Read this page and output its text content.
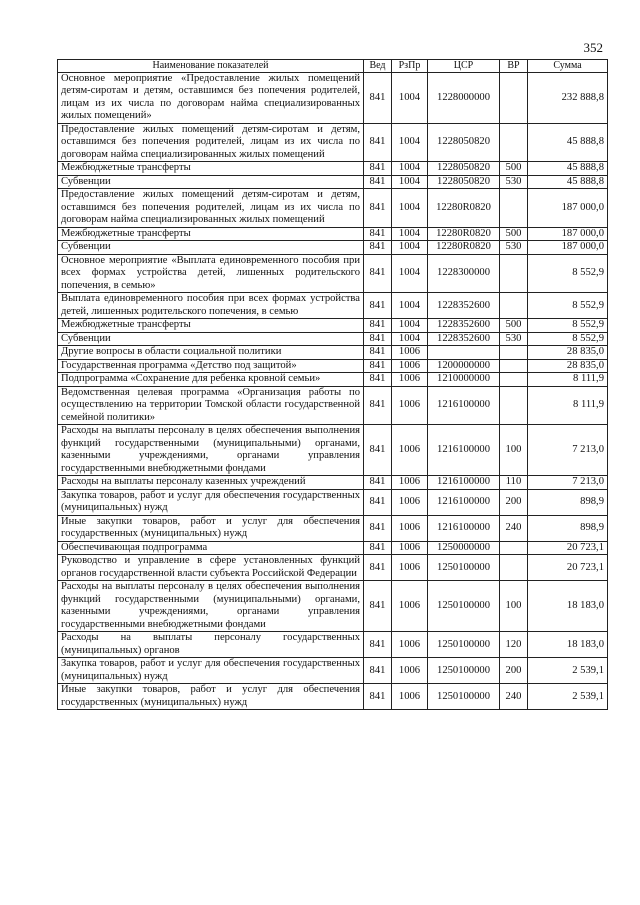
352
Наименование показателей	Вед	РзПр	ЦСР	ВР	Сумма
Основное мероприятие «Предоставление жилых помещений детям-сиротам и детям, оставшимся без попечения родителей, лицам из их числа по договорам найма специализированных жилых помещений»	841	1004	1228000000		232 888,8
Предоставление жилых помещений детям-сиротам и детям, оставшимся без попечения родителей, лицам из их числа по договорам найма специализированных жилых помещений	841	1004	1228050820		45 888,8
Межбюджетные трансферты	841	1004	1228050820	500	45 888,8
Субвенции	841	1004	1228050820	530	45 888,8
Предоставление жилых помещений детям-сиротам и детям, оставшимся без попечения родителей, лицам из их числа по договорам найма специализированных жилых помещений	841	1004	12280R0820		187 000,0
Межбюджетные трансферты	841	1004	12280R0820	500	187 000,0
Субвенции	841	1004	12280R0820	530	187 000,0
Основное мероприятие «Выплата единовременного пособия при всех формах устройства детей, лишенных родительского попечения, в семью»	841	1004	1228300000		8 552,9
Выплата единовременного пособия при всех формах устройства детей, лишенных родительского попечения, в семью	841	1004	1228352600		8 552,9
Межбюджетные трансферты	841	1004	1228352600	500	8 552,9
Субвенции	841	1004	1228352600	530	8 552,9
Другие вопросы в области социальной политики	841	1006			28 835,0
Государственная программа «Детство под защитой»	841	1006	1200000000		28 835,0
Подпрограмма «Сохранение для ребенка кровной семьи»	841	1006	1210000000		8 111,9
Ведомственная целевая программа «Организация работы по осуществлению на территории Томской области государственной семейной политики»	841	1006	1216100000		8 111,9
Расходы на выплаты персоналу в целях обеспечения выполнения функций государственными (муниципальными) органами, казенными учреждениями, органами управления государственными внебюджетными фондами	841	1006	1216100000	100	7 213,0
Расходы на выплаты персоналу казенных учреждений	841	1006	1216100000	110	7 213,0
Закупка товаров, работ и услуг для обеспечения государственных (муниципальных) нужд	841	1006	1216100000	200	898,9
Иные закупки товаров, работ и услуг для обеспечения государственных (муниципальных) нужд	841	1006	1216100000	240	898,9
Обеспечивающая подпрограмма	841	1006	1250000000		20 723,1
Руководство и управление в сфере установленных функций органов государственной власти субъекта Российской Федерации	841	1006	1250100000		20 723,1
Расходы на выплаты персоналу в целях обеспечения выполнения функций государственными (муниципальными) органами, казенными учреждениями, органами управления государственными внебюджетными фондами	841	1006	1250100000	100	18 183,0
Расходы на выплаты персоналу государственных (муниципальных) органов	841	1006	1250100000	120	18 183,0
Закупка товаров, работ и услуг для обеспечения государственных (муниципальных) нужд	841	1006	1250100000	200	2 539,1
Иные закупки товаров, работ и услуг для обеспечения государственных (муниципальных) нужд	841	1006	1250100000	240	2 539,1
